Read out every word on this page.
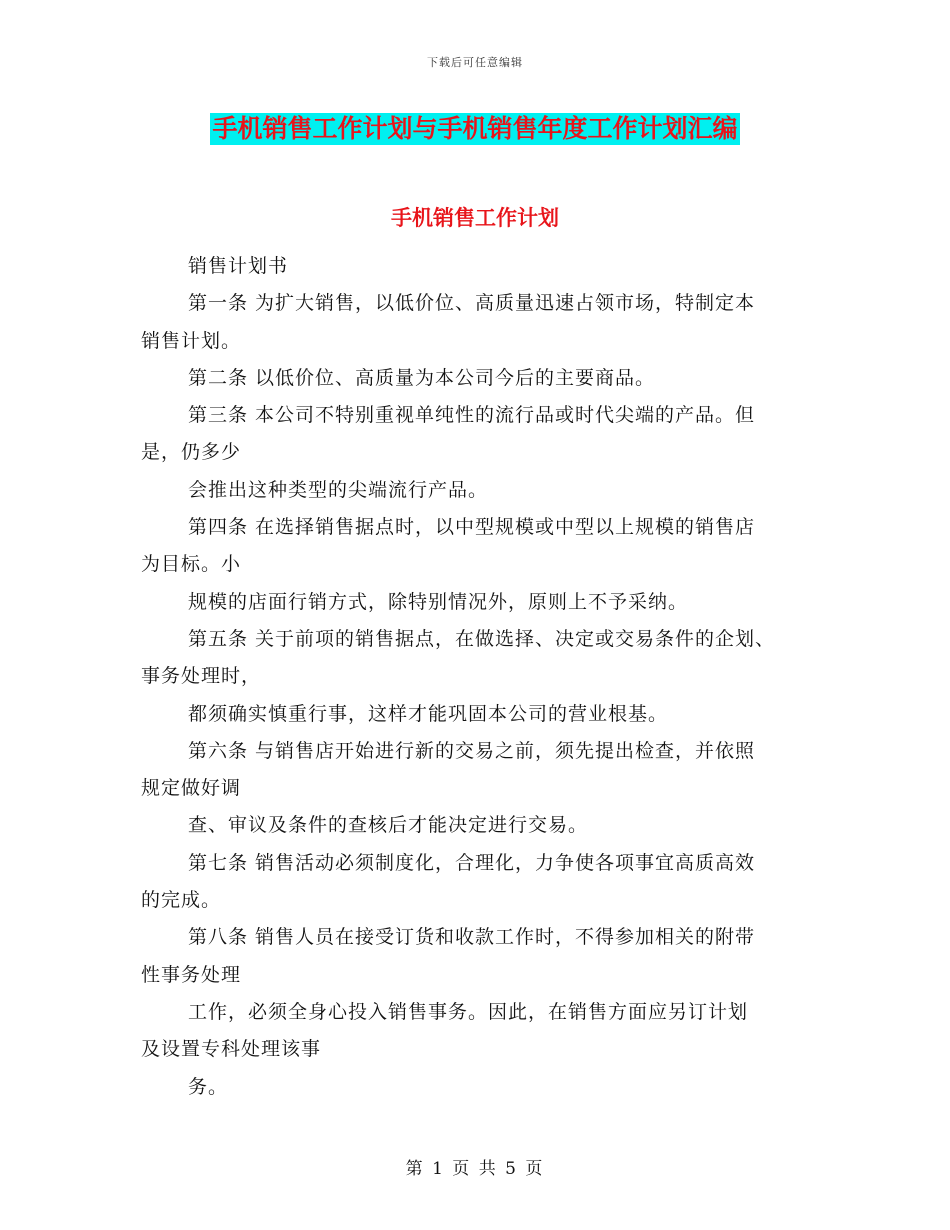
下载后可任意编辑
手机销售工作计划与手机销售年度工作计划汇编
手机销售工作计划

销售计划书

第一条 为扩大销售，以低价位、高质量迅速占领市场，特制定本

销售计划。

第二条 以低价位、高质量为本公司今后的主要商品。

第三条 本公司不特别重视单纯性的流行品或时代尖端的产品。但

是，仍多少

会推出这种类型的尖端流行产品。

第四条 在选择销售据点时，以中型规模或中型以上规模的销售店

为目标。小

规模的店面行销方式，除特别情况外，原则上不予采纳。

第五条 关于前项的销售据点，在做选择、决定或交易条件的企划、

事务处理时，

都须确实慎重行事，这样才能巩固本公司的营业根基。

第六条 与销售店开始进行新的交易之前，须先提出检查，并依照

规定做好调

查、审议及条件的查核后才能决定进行交易。

第七条 销售活动必须制度化，合理化，力争使各项事宜高质高效

的完成。

第八条 销售人员在接受订货和收款工作时，不得参加相关的附带

性事务处理

工作，必须全身心投入销售事务。因此，在销售方面应另订计划

及设置专科处理该事

务。

第 1 页 共 5 页
